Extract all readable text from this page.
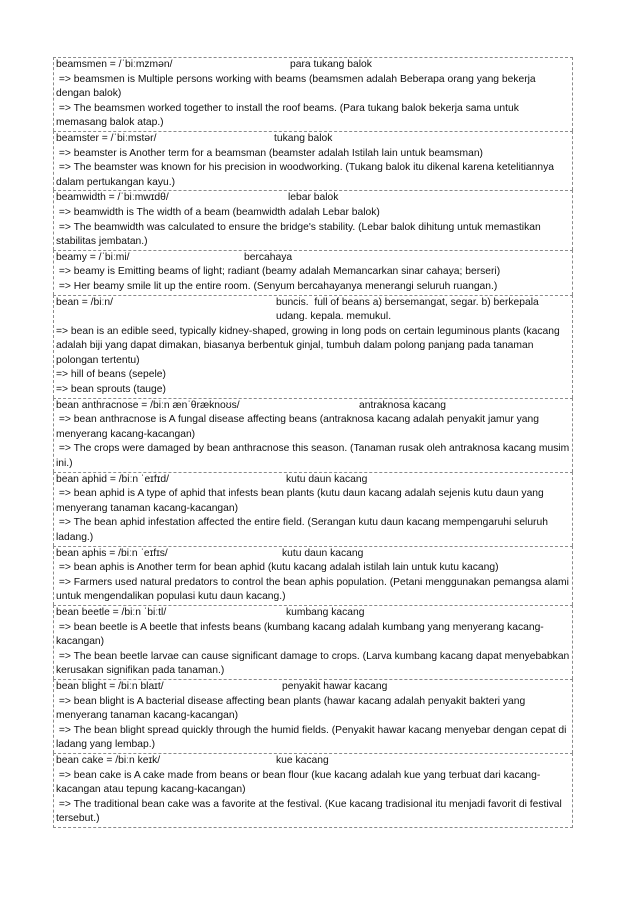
beamsmen = /ˈbiːmzmən/	para tukang balok
=> beamsmen is Multiple persons working with beams (beamsmen adalah Beberapa orang yang bekerja dengan balok)
=> The beamsmen worked together to install the roof beams. (Para tukang balok bekerja sama untuk memasang balok atap.)
beamster = /ˈbiːmstər/	tukang balok
=> beamster is Another term for a beamsman (beamster adalah Istilah lain untuk beamsman)
=> The beamster was known for his precision in woodworking. (Tukang balok itu dikenal karena ketelitiannya dalam pertukangan kayu.)
beamwidth = /ˈbiːmwɪdθ/	lebar balok
=> beamwidth is The width of a beam (beamwidth adalah Lebar balok)
=> The beamwidth was calculated to ensure the bridge's stability. (Lebar balok dihitung untuk memastikan stabilitas jembatan.)
beamy = /ˈbiːmi/	bercahaya
=> beamy is Emitting beams of light; radiant (beamy adalah Memancarkan sinar cahaya; berseri)
=> Her beamy smile lit up the entire room. (Senyum bercahayanya menerangi seluruh ruangan.)
bean = /biːn/	buncis.  full of beans a) bersemangat, segar. b) berkepala udang. kepala. memukul.
=> bean is an edible seed, typically kidney-shaped, growing in long pods on certain leguminous plants (kacang adalah biji yang dapat dimakan, biasanya berbentuk ginjal, tumbuh dalam polong panjang pada tanaman polongan tertentu)
=> hill of beans (sepele)
=> bean sprouts (tauge)
bean anthracnose = /biːn ænˈθræknoʊs/	antraknosa kacang
=> bean anthracnose is A fungal disease affecting beans (antraknosa kacang adalah penyakit jamur yang menyerang kacang-kacangan)
=> The crops were damaged by bean anthracnose this season. (Tanaman rusak oleh antraknosa kacang musim ini.)
bean aphid = /biːn ˈeɪfɪd/	kutu daun kacang
=> bean aphid is A type of aphid that infests bean plants (kutu daun kacang adalah sejenis kutu daun yang menyerang tanaman kacang-kacangan)
=> The bean aphid infestation affected the entire field. (Serangan kutu daun kacang mempengaruhi seluruh ladang.)
bean aphis = /biːn ˈeɪfɪs/	kutu daun kacang
=> bean aphis is Another term for bean aphid (kutu kacang adalah istilah lain untuk kutu kacang)
=> Farmers used natural predators to control the bean aphis population. (Petani menggunakan pemangsa alami untuk mengendalikan populasi kutu daun kacang.)
bean beetle = /biːn ˈbiːtl/	kumbang kacang
=> bean beetle is A beetle that infests beans (kumbang kacang adalah kumbang yang menyerang kacang-kacangan)
=> The bean beetle larvae can cause significant damage to crops. (Larva kumbang kacang dapat menyebabkan kerusakan signifikan pada tanaman.)
bean blight = /biːn blaɪt/	penyakit hawar kacang
=> bean blight is A bacterial disease affecting bean plants (hawar kacang adalah penyakit bakteri yang menyerang tanaman kacang-kacangan)
=> The bean blight spread quickly through the humid fields. (Penyakit hawar kacang menyebar dengan cepat di ladang yang lembap.)
bean cake = /biːn keɪk/	kue kacang
=> bean cake is A cake made from beans or bean flour (kue kacang adalah kue yang terbuat dari kacang-kacangan atau tepung kacang-kacangan)
=> The traditional bean cake was a favorite at the festival. (Kue kacang tradisional itu menjadi favorit di festival tersebut.)
